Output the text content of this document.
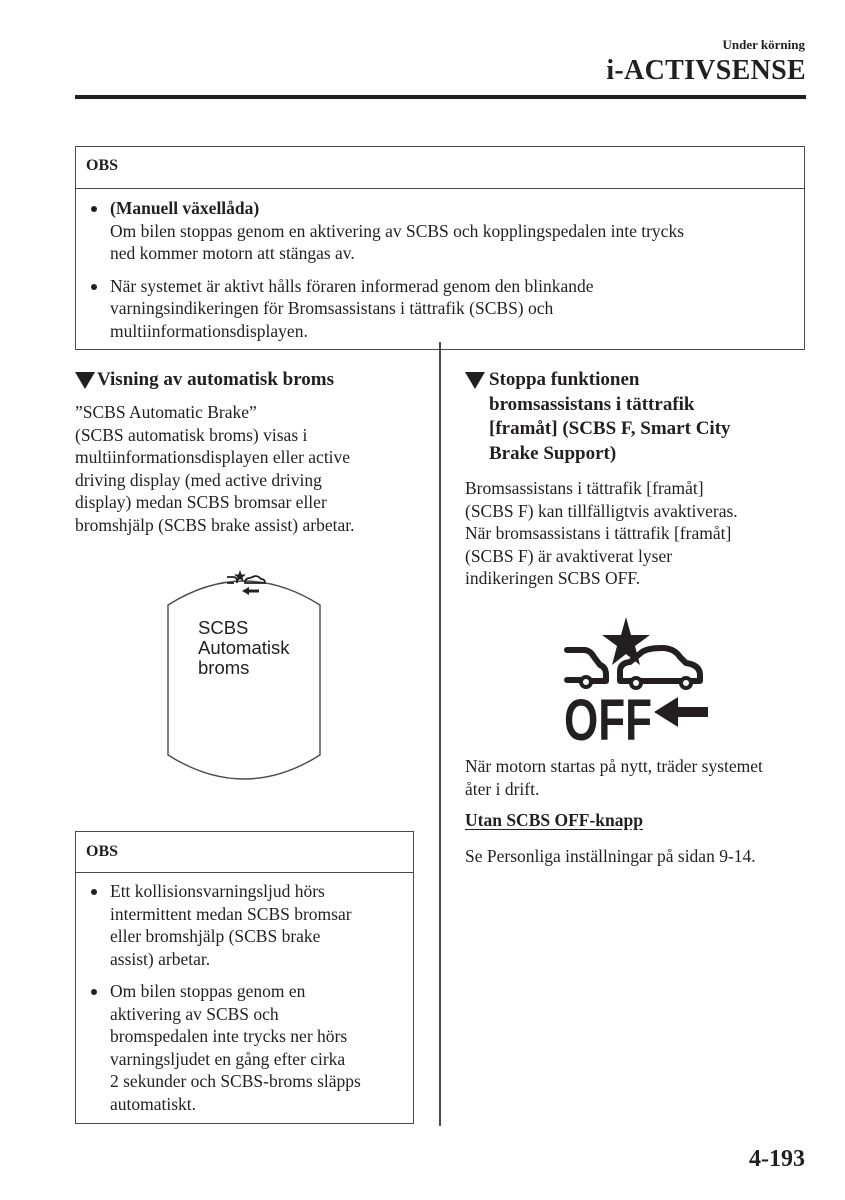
Under körning
i-ACTIVSENSE
OBS
(Manuell växellåda)
Om bilen stoppas genom en aktivering av SCBS och kopplingspedalen inte trycks
ned kommer motorn att stängas av.
När systemet är aktivt hålls föraren informerad genom den blinkande
varningsindikeringen för Bromsassistans i tättrafik (SCBS) och
multiinformationsdisplayen.
Visning av automatisk broms
”SCBS Automatic Brake”
(SCBS automatisk broms) visas i
multiinformationsdisplayen eller active
driving display (med active driving
display) medan SCBS bromsar eller
bromshjälp (SCBS brake assist) arbetar.
SCBS
Automatisk
broms
OBS
Ett kollisionsvarningsljud hörs
intermittent medan SCBS bromsar
eller bromshjälp (SCBS brake
assist) arbetar.
Om bilen stoppas genom en
aktivering av SCBS och
bromspedalen inte trycks ner hörs
varningsljudet en gång efter cirka
2 sekunder och SCBS-broms släpps
automatiskt.
Stoppa funktionen
bromsassistans i tättrafik
[framåt] (SCBS F, Smart City
Brake Support)
Bromsassistans i tättrafik [framåt]
(SCBS F) kan tillfälligtvis avaktiveras.
När bromsassistans i tättrafik [framåt]
(SCBS F) är avaktiverat lyser
indikeringen SCBS OFF.
OFF
När motorn startas på nytt, träder systemet
åter i drift.
Utan SCBS OFF-knapp
Se Personliga inställningar på sidan 9-14.
4-193
